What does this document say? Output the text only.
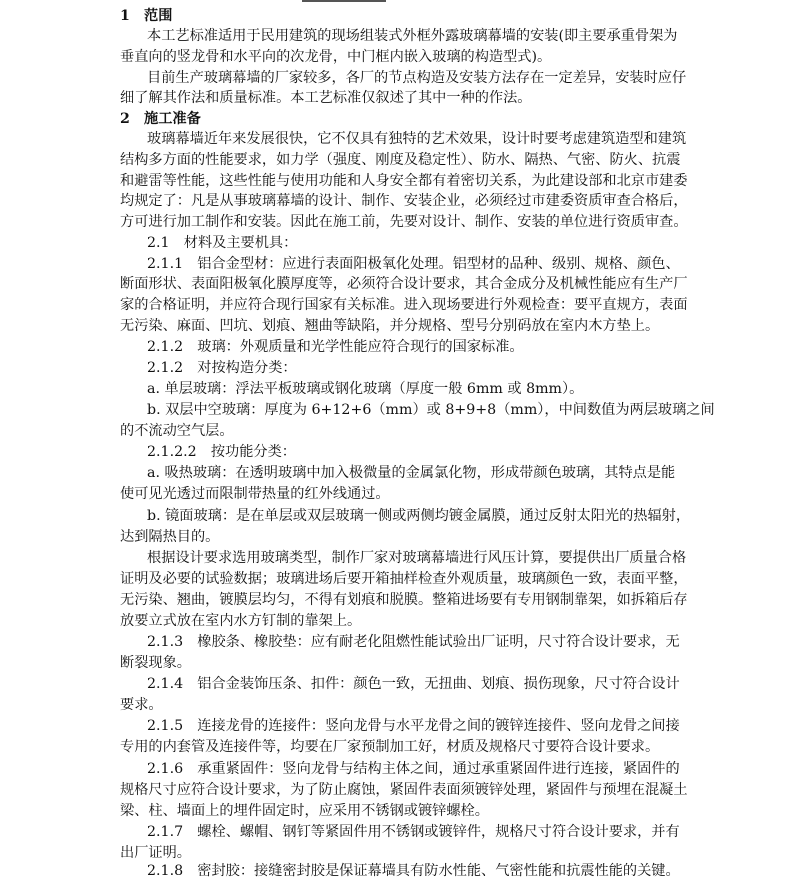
1　范围
本工艺标准适用于民用建筑的现场组装式外框外露玻璃幕墙的安装(即主要承重骨架为
垂直向的竖龙骨和水平向的次龙骨，中门框内嵌入玻璃的构造型式)。
目前生产玻璃幕墙的厂家较多，各厂的节点构造及安装方法存在一定差异，安装时应仔
细了解其作法和质量标准。本工艺标准仅叙述了其中一种的作法。
2　施工准备
玻璃幕墙近年来发展很快，它不仅具有独特的艺术效果，设计时要考虑建筑造型和建筑
结构多方面的性能要求，如力学（强度、刚度及稳定性）、防水、隔热、气密、防火、抗震
和避雷等性能，这些性能与使用功能和人身安全都有着密切关系，为此建设部和北京市建委
均规定了：凡是从事玻璃幕墙的设计、制作、安装企业，必须经过市建委资质审查合格后，
方可进行加工制作和安装。因此在施工前，先要对设计、制作、安装的单位进行资质审查。
2.1　材料及主要机具：
2.1.1　铝合金型材：应进行表面阳极氧化处理。铝型材的品种、级别、规格、颜色、
断面形状、表面阳极氧化膜厚度等，必须符合设计要求，其合金成分及机械性能应有生产厂
家的合格证明，并应符合现行国家有关标准。进入现场要进行外观检查：要平直规方，表面
无污染、麻面、凹坑、划痕、翘曲等缺陷，并分规格、型号分别码放在室内木方垫上。
2.1.2　玻璃：外观质量和光学性能应符合现行的国家标准。
2.1.2　对按构造分类：
a. 单层玻璃：浮法平板玻璃或钢化玻璃（厚度一般 6mm 或 8mm）。
b. 双层中空玻璃：厚度为 6+12+6（mm）或 8+9+8（mm），中间数值为两层玻璃之间
的不流动空气层。
2.1.2.2　按功能分类：
a. 吸热玻璃：在透明玻璃中加入极微量的金属氯化物，形成带颜色玻璃，其特点是能
使可见光透过而限制带热量的红外线通过。
b. 镜面玻璃：是在单层或双层玻璃一侧或两侧均镀金属膜，通过反射太阳光的热辐射，
达到隔热目的。
根据设计要求选用玻璃类型，制作厂家对玻璃幕墙进行风压计算，要提供出厂质量合格
证明及必要的试验数据；玻璃进场后要开箱抽样检查外观质量，玻璃颜色一致，表面平整，
无污染、翘曲，镀膜层均匀，不得有划痕和脱膜。整箱进场要有专用钢制靠架，如拆箱后存
放要立式放在室内水方钉制的靠架上。
2.1.3　橡胶条、橡胶垫：应有耐老化阻燃性能试验出厂证明，尺寸符合设计要求，无
断裂现象。
2.1.4　铝合金装饰压条、扣件：颜色一致，无扭曲、划痕、损伤现象，尺寸符合设计
要求。
2.1.5　连接龙骨的连接件：竖向龙骨与水平龙骨之间的镀锌连接件、竖向龙骨之间接
专用的内套管及连接件等，均要在厂家预制加工好，材质及规格尺寸要符合设计要求。
2.1.6　承重紧固件：竖向龙骨与结构主体之间，通过承重紧固件进行连接，紧固件的
规格尺寸应符合设计要求，为了防止腐蚀，紧固件表面须镀锌处理，紧固件与预埋在混凝土
梁、柱、墙面上的埋件固定时，应采用不锈钢或镀锌螺栓。
2.1.7　螺栓、螺帽、钢钉等紧固件用不锈钢或镀锌件，规格尺寸符合设计要求，并有
出厂证明。
2.1.8　密封胶：接缝密封胶是保证幕墙具有防水性能、气密性能和抗震性能的关键。
